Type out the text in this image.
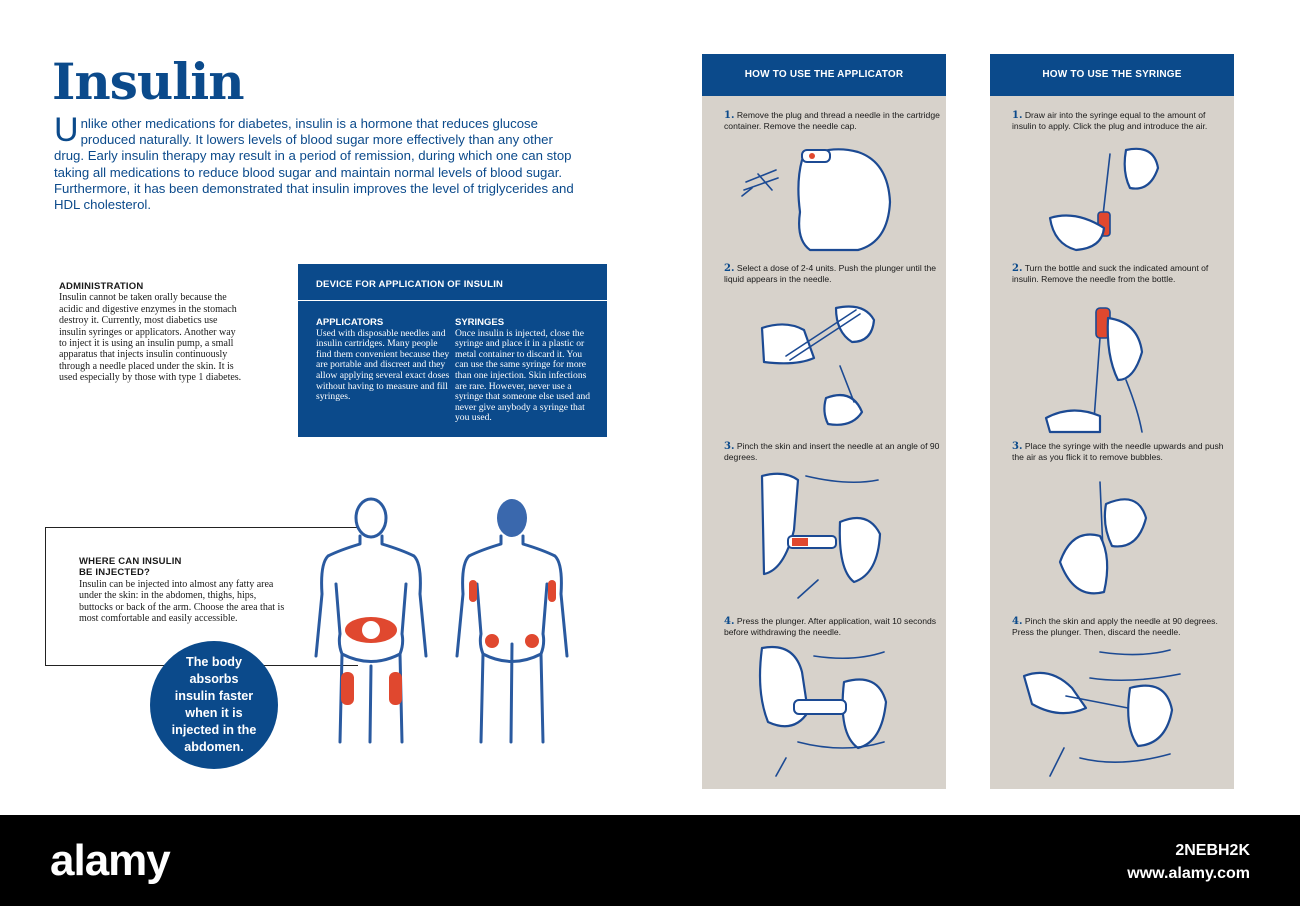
Insulin
Unlike other medications for diabetes, insulin is a hormone that reduces glucose produced naturally. It lowers levels of blood sugar more effectively than any other drug. Early insulin therapy may result in a period of remission, during which one can stop taking all medications to reduce blood sugar and maintain normal levels of blood sugar. Furthermore, it has been demonstrated that insulin improves the level of triglycerides and HDL cholesterol.
ADMINISTRATION
Insulin cannot be taken orally because the acidic and digestive enzymes in the stomach destroy it. Currently, most diabetics use insulin syringes or applicators. Another way to inject it is using an insulin pump, a small apparatus that injects insulin continuously through a needle placed under the skin. It is used especially by those with type 1 diabetes.
DEVICE FOR APPLICATION OF INSULIN
APPLICATORS
Used with disposable needles and insulin cartridges. Many people find them convenient because they are portable and discreet and they allow applying several exact doses without having to measure and fill syringes.
SYRINGES
Once insulin is injected, close the syringe and place it in a plastic or metal container to discard it. You can use the same syringe for more than one injection. Skin infections are rare. However, never use a syringe that someone else used and never give anybody a syringe that you used.
WHERE CAN INSULIN
BE INJECTED?
Insulin can be injected into almost any fatty area under the skin: in the abdomen, thighs, hips, buttocks or back of the arm. Choose the area that is most comfortable and easily accessible.
The body absorbs insulin faster when it is injected in the abdomen.
HOW TO USE THE APPLICATOR
1. Remove the plug and thread a needle in the cartridge container. Remove the needle cap.
2. Select a dose of 2-4 units. Push the plunger until the liquid appears in the needle.
3. Pinch the skin and insert the needle at an angle of 90 degrees.
4. Press the plunger. After application, wait 10 seconds before withdrawing the needle.
HOW TO USE THE SYRINGE
1. Draw air into the syringe equal to the amount of insulin to apply. Click the plug and introduce the air.
2. Turn the bottle and suck the indicated amount of insulin. Remove the needle from the bottle.
3. Place the syringe with the needle upwards and push the air as you flick it to remove bubbles.
4. Pinch the skin and apply the needle at 90 degrees. Press the plunger. Then, discard the needle.
alamy	2NEBH2K
www.alamy.com
